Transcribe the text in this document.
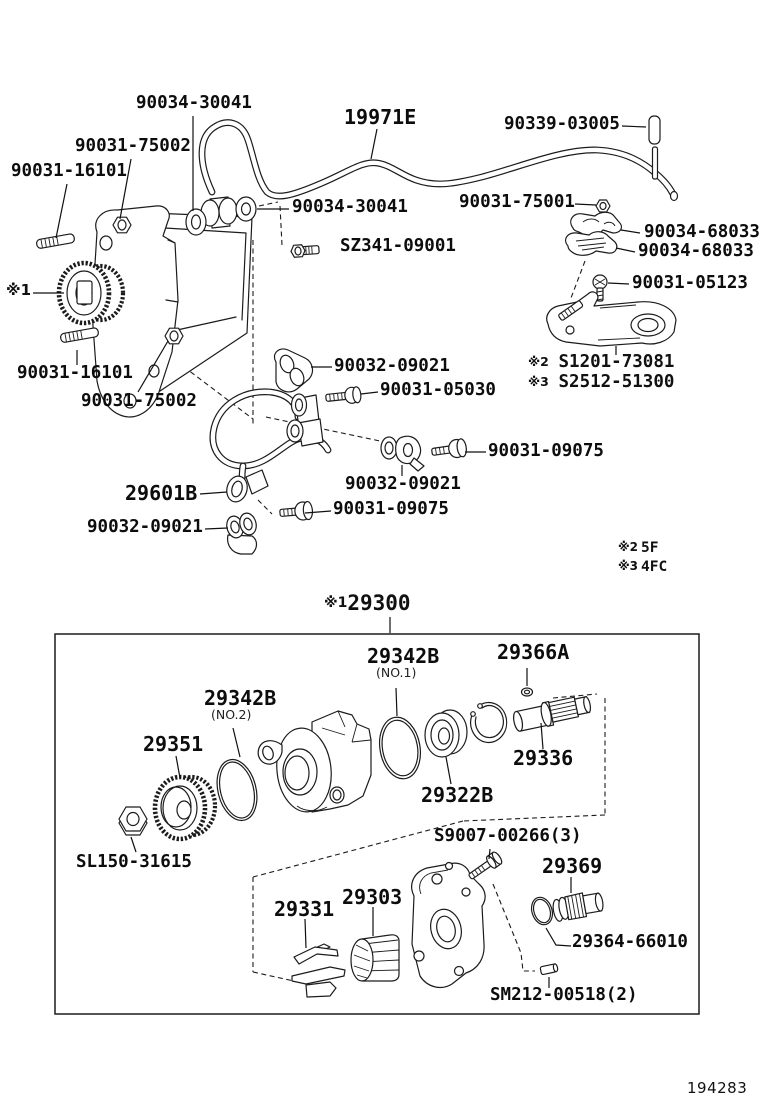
90034-30041
19971E	90339-03005
90031-75002
90031-16101
90034-30041	90031-75001
90034-68033
90034-68033
SZ341-09001
90031-05123
※2 S1201-73081
※3 S2512-51300
90032-09021
90031-05030
90031-09075
90032-09021
29601B
90031-09075
90032-09021
90031-16101
90031-75002
※1
※2 5F
※3 4FC
※129300
29342B
(NO.1)
29366A
29342B
(NO.2)
29351
29336
29322B
SL150-31615
S9007-00266(3)
29369
29331 29303
29364-66010
SM212-00518(2)
194283
